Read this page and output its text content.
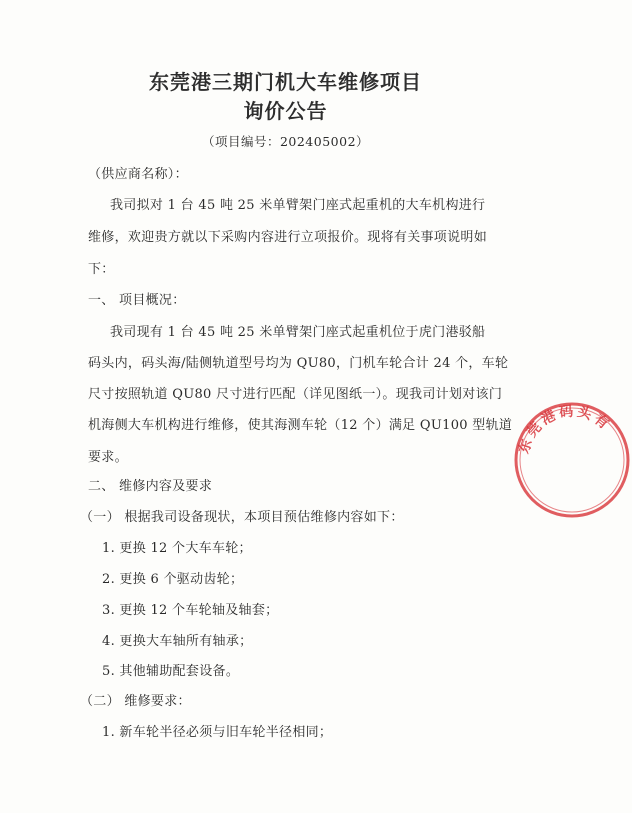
东莞港三期门机大车维修项目
询价公告
（项目编号：202405002）
（供应商名称）：
我司拟对 1 台 45 吨 25 米单臂架门座式起重机的大车机构进行
维修，欢迎贵方就以下采购内容进行立项报价。现将有关事项说明如
下：
一、 项目概况：
我司现有 1 台 45 吨 25 米单臂架门座式起重机位于虎门港驳船
码头内，码头海/陆侧轨道型号均为 QU80，门机车轮合计 24 个，车轮
尺寸按照轨道 QU80 尺寸进行匹配（详见图纸一）。现我司计划对该门
机海侧大车机构进行维修，使其海测车轮（12 个）满足 QU100 型轨道
要求。
二、 维修内容及要求
（一） 根据我司设备现状，本项目预估维修内容如下：
1. 更换 12 个大车车轮；
2. 更换 6 个驱动齿轮；
3. 更换 12 个车轮轴及轴套；
4. 更换大车轴所有轴承；
5. 其他辅助配套设备。
（二） 维修要求：
1. 新车轮半径必须与旧车轮半径相同；
东莞港码头有
